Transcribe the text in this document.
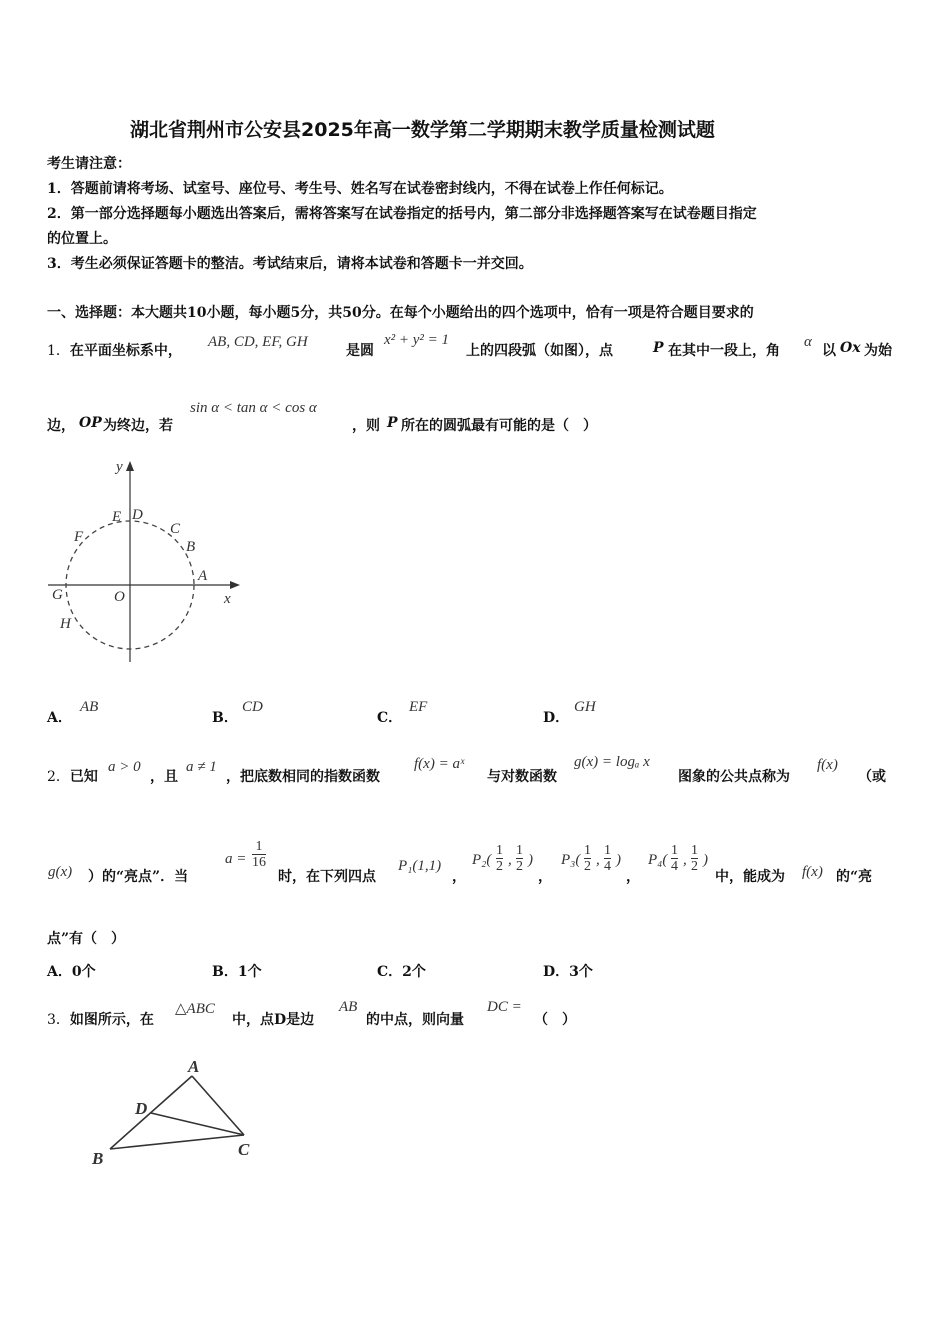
湖北省荆州市公安县2025年高一数学第二学期期末教学质量检测试题
考生请注意：
1．答题前请将考场、试室号、座位号、考生号、姓名写在试卷密封线内，不得在试卷上作任何标记。
2．第一部分选择题每小题选出答案后，需将答案写在试卷指定的括号内，第二部分非选择题答案写在试卷题目指定
的位置上。
3．考生必须保证答题卡的整洁。考试结束后，请将本试卷和答题卡一并交回。
一、选择题：本大题共10小题，每小题5分，共50分。在每个小题给出的四个选项中，恰有一项是符合题目要求的
1．在平面坐标系中，
AB, CD, EF, GH
是圆
x² + y² = 1
上的四段弧（如图），点	P 在其中一段上，角
α
以 Ox 为始
边， OP 为终边，若
sin α < tan α < cos α
，则 P 所在的圆弧最有可能的是（　）
y
x
O
A
B
C
D
E
F
G
H
A．
AB
B．
CD
C．
EF
D．
GH
2．已知
a > 0
，且
a ≠ 1
，把底数相同的指数函数
f(x) = aˣ
与对数函数
g(x) = logₐ x
图象的公共点称为
f(x)
（或
g(x) ）的“亮点”．当
$a = \frac{1}{16}$
时，在下列四点
P₁(1,1)
，
$P_2( \frac{1}{2}$ , $\frac{1}{2}$ )
，
$P_3( \frac{1}{2}$ , $\frac{1}{4}$ )
，
$P_4( \frac{1}{4}$ , $\frac{1}{2}$ )
中，能成为 f(x) 的“亮
点”有（　）
A．0个	B．1个	C．2个	D．3个
3．如图所示，在
△ABC
中，点D是边
AB
的中点，则向量
DC =
（　）
A
D
B	C
